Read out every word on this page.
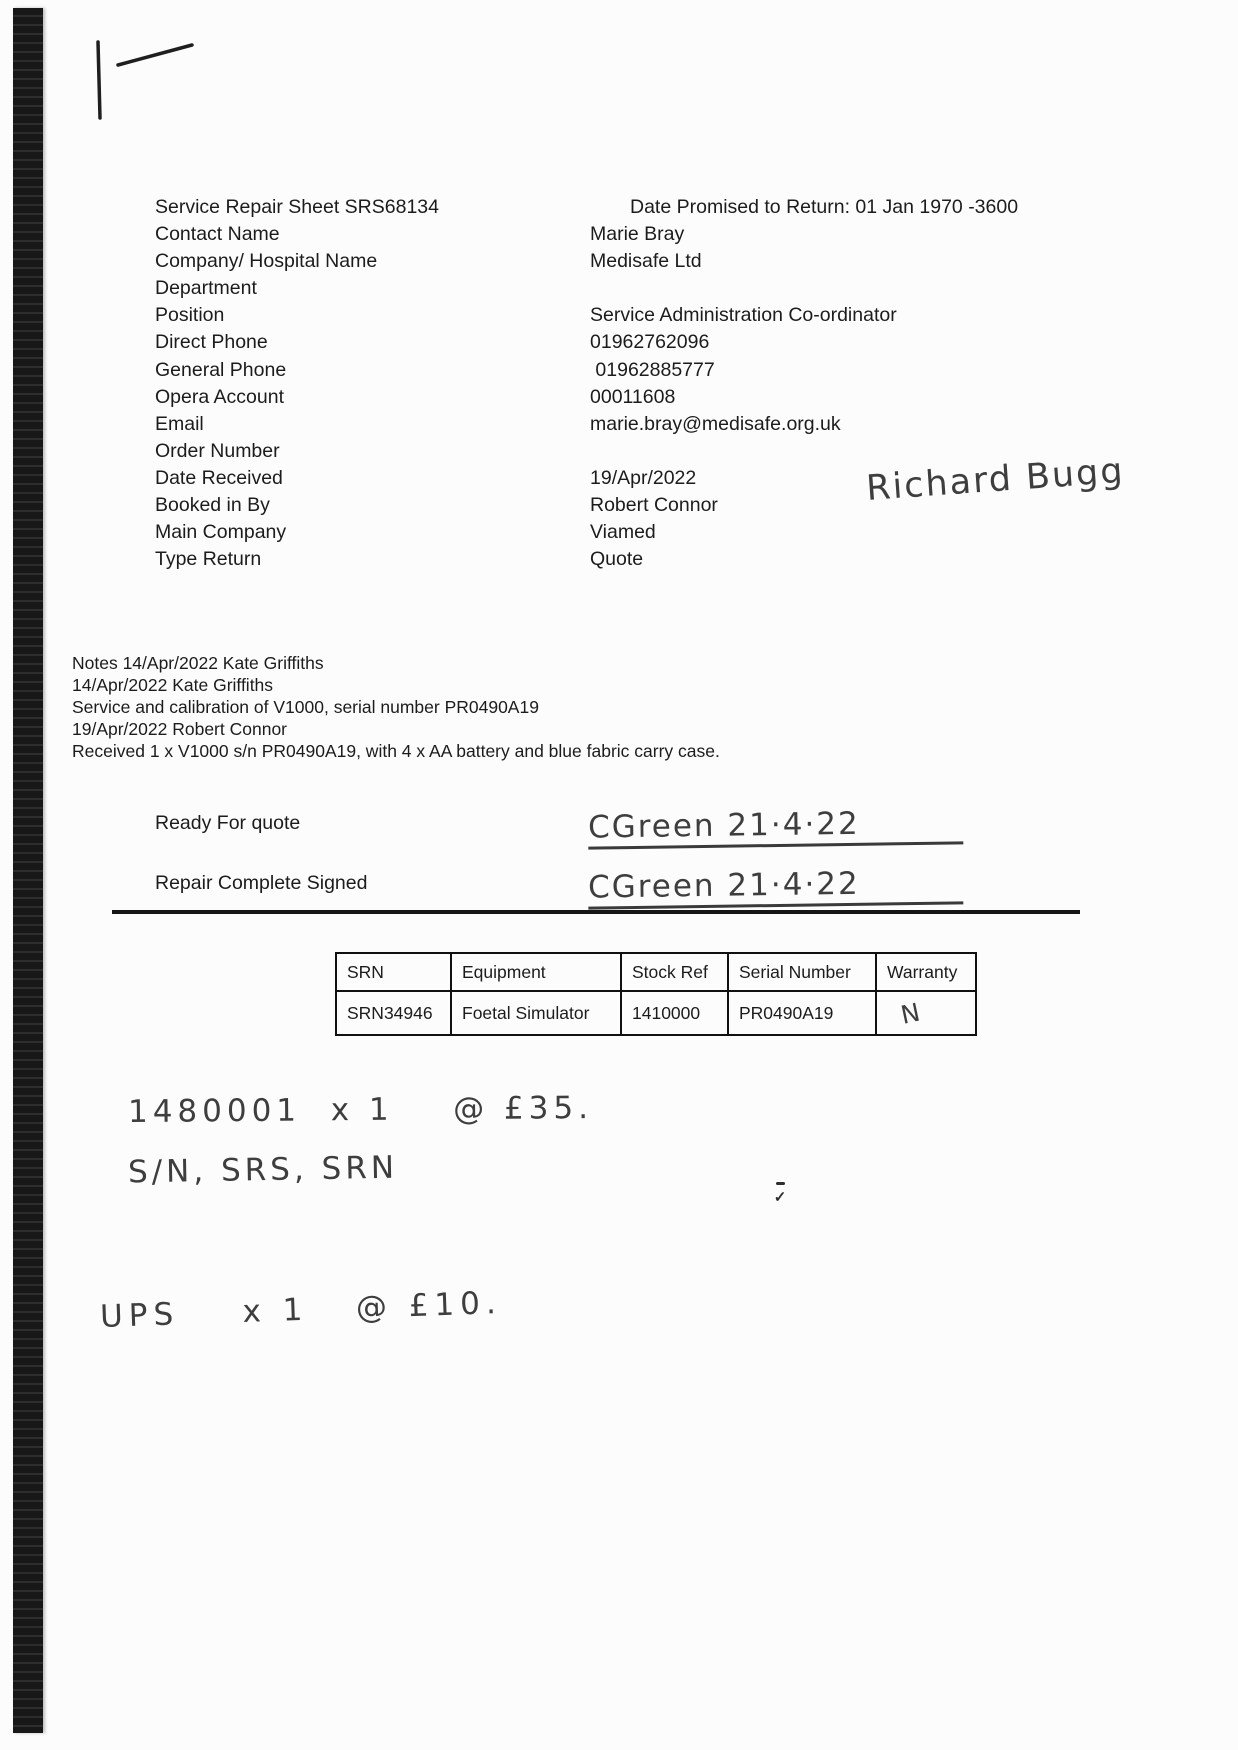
Service Repair Sheet SRS68134	Date Promised to Return: 01 Jan 1970 -3600
Contact Name	Marie Bray
Company/ Hospital Name	Medisafe Ltd
Department
Position	Service Administration Co-ordinator
Direct Phone	01962762096
General Phone	01962885777
Opera Account	00011608
Email	marie.bray@medisafe.org.uk
Order Number
Date Received	19/Apr/2022
Booked in By	Robert Connor
Main Company	Viamed
Type Return	Quote
Richard Bugg
Notes 14/Apr/2022 Kate Griffiths
14/Apr/2022 Kate Griffiths
Service and calibration of V1000, serial number PR0490A19
19/Apr/2022 Robert Connor
Received 1 x V1000 s/n PR0490A19, with 4 x AA battery and blue fabric carry case.
Ready For quote	CGreen 21·4·22
Repair Complete Signed	CGreen 21·4·22
SRN	Equipment	Stock Ref	Serial Number	Warranty
SRN34946	Foetal Simulator	1410000	PR0490A19	N
1480001  x 1    @ £35.
S/N, SRS, SRN
✓
UPS    x 1   @ £10.
